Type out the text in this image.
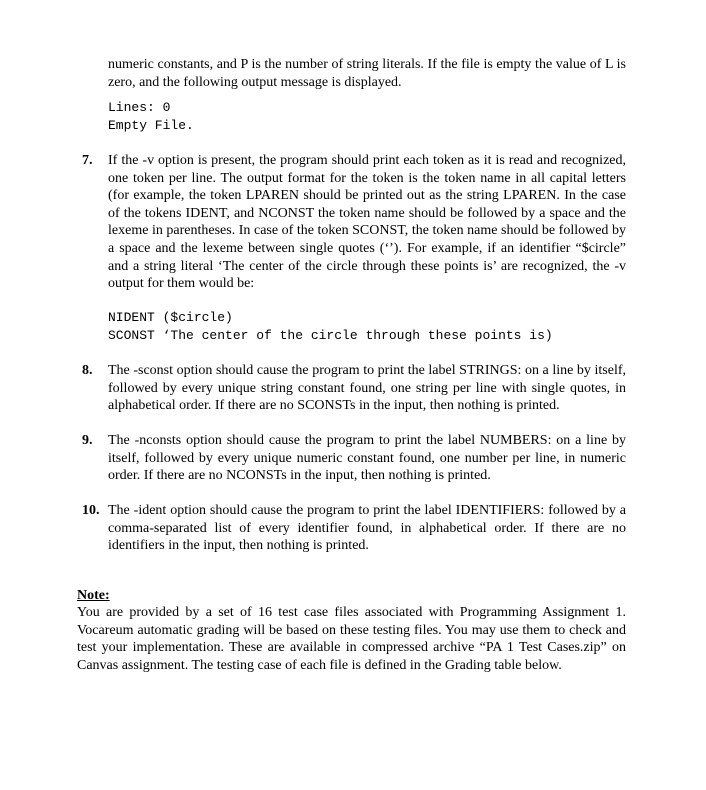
numeric constants, and P is the number of string literals. If the file is empty the value of L is zero, and the following output message is displayed.

Lines: 0
Empty File.
7.	If the -v option is present, the program should print each token as it is read and recognized, one token per line. The output format for the token is the token name in all capital letters (for example, the token LPAREN should be printed out as the string LPAREN. In the case of the tokens IDENT, and NCONST the token name should be followed by a space and the lexeme in parentheses. In case of the token SCONST, the token name should be followed by a space and the lexeme between single quotes (‘’). For example, if an identifier “$circle” and a string literal ‘The center of the circle through these points is’ are recognized, the -v output for them would be:
NIDENT ($circle)
SCONST ‘The center of the circle through these points is)
8.	The -sconst option should cause the program to print the label STRINGS: on a line by itself, followed by every unique string constant found, one string per line with single quotes, in alphabetical order. If there are no SCONSTs in the input, then nothing is printed.
9.	The -nconsts option should cause the program to print the label NUMBERS: on a line by itself, followed by every unique numeric constant found, one number per line, in numeric order. If there are no NCONSTs in the input, then nothing is printed.
10. The -ident option should cause the program to print the label IDENTIFIERS: followed by a comma-separated list of every identifier found, in alphabetical order. If there are no identifiers in the input, then nothing is printed.
Note:

You are provided by a set of 16 test case files associated with Programming Assignment 1. Vocareum automatic grading will be based on these testing files. You may use them to check and test your implementation. These are available in compressed archive “PA 1 Test Cases.zip” on Canvas assignment. The testing case of each file is defined in the Grading table below.
